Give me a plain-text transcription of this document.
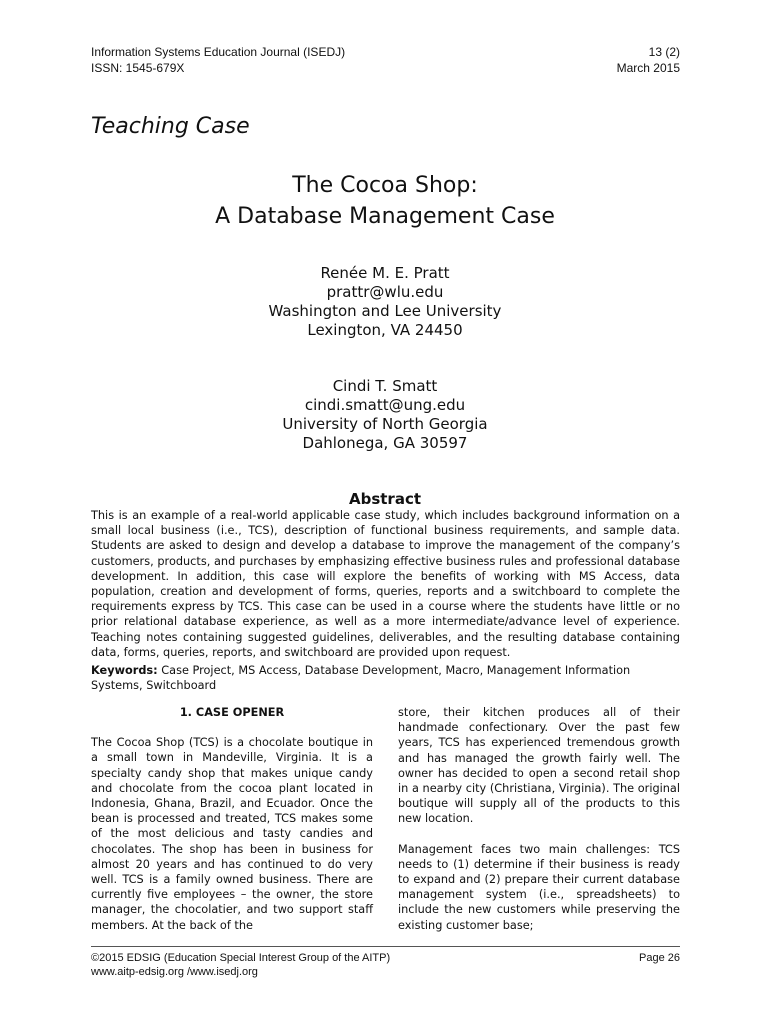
Information Systems Education Journal (ISEDJ)
ISSN: 1545-679X
13 (2)
March 2015
Teaching Case
The Cocoa Shop:
A Database Management Case
Renée M. E. Pratt
prattr@wlu.edu
Washington and Lee University
Lexington, VA 24450
Cindi T. Smatt
cindi.smatt@ung.edu
University of North Georgia
Dahlonega, GA 30597
Abstract
This is an example of a real-world applicable case study, which includes background information on a small local business (i.e., TCS), description of functional business requirements, and sample data. Students are asked to design and develop a database to improve the management of the company’s customers, products, and purchases by emphasizing effective business rules and professional database development. In addition, this case will explore the benefits of working with MS Access, data population, creation and development of forms, queries, reports and a switchboard to complete the requirements express by TCS. This case can be used in a course where the students have little or no prior relational database experience, as well as a more intermediate/advance level of experience. Teaching notes containing suggested guidelines, deliverables, and the resulting database containing data, forms, queries, reports, and switchboard are provided upon request.
Keywords: Case Project, MS Access, Database Development, Macro, Management Information Systems, Switchboard
1. CASE OPENER

The Cocoa Shop (TCS) is a chocolate boutique in a small town in Mandeville, Virginia. It is a specialty candy shop that makes unique candy and chocolate from the cocoa plant located in Indonesia, Ghana, Brazil, and Ecuador. Once the bean is processed and treated, TCS makes some of the most delicious and tasty candies and chocolates. The shop has been in business for almost 20 years and has continued to do very well. TCS is a family owned business. There are currently five employees – the owner, the store manager, the chocolatier, and two support staff members. At the back of the

store, their kitchen produces all of their handmade confectionary. Over the past few years, TCS has experienced tremendous growth and has managed the growth fairly well. The owner has decided to open a second retail shop in a nearby city (Christiana, Virginia). The original boutique will supply all of the products to this new location.

Management faces two main challenges: TCS needs to (1) determine if their business is ready to expand and (2) prepare their current database management system (i.e., spreadsheets) to include the new customers while preserving the existing customer base;

©2015 EDSIG (Education Special Interest Group of the AITP)
www.aitp-edsig.org /www.isedj.org
Page 26
